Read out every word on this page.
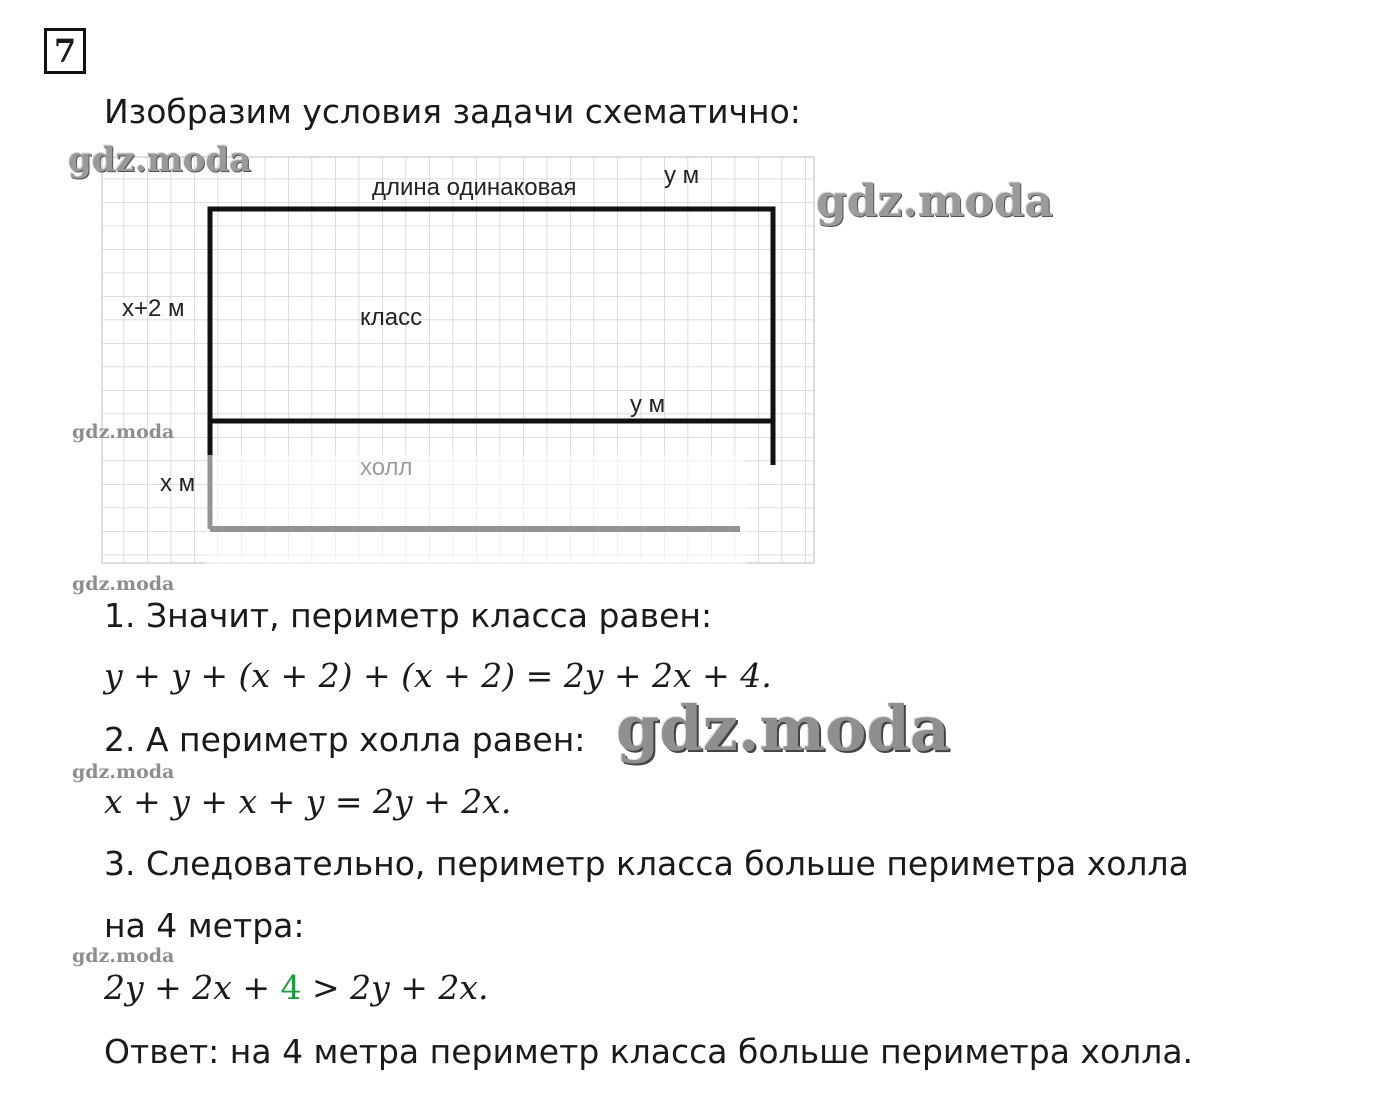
7
Изобразим условия задачи схематично:
длина одинаковая	у м
х+2 м	класс
у м
х м
1. Значит, периметр класса равен:
y + y + (x + 2) + (x + 2) = 2y + 2x + 4.
2. А периметр холла равен:
x + y + x + y = 2y + 2x.
3. Следовательно, периметр класса больше периметра холла
на 4 метра:
2y + 2x + 4 > 2y + 2x.
Ответ: на 4 метра периметр класса больше периметра холла.
gdz.moda
gdz.moda
gdz.moda
gdz.moda
gdz.moda
gdz.moda
gdz.moda
